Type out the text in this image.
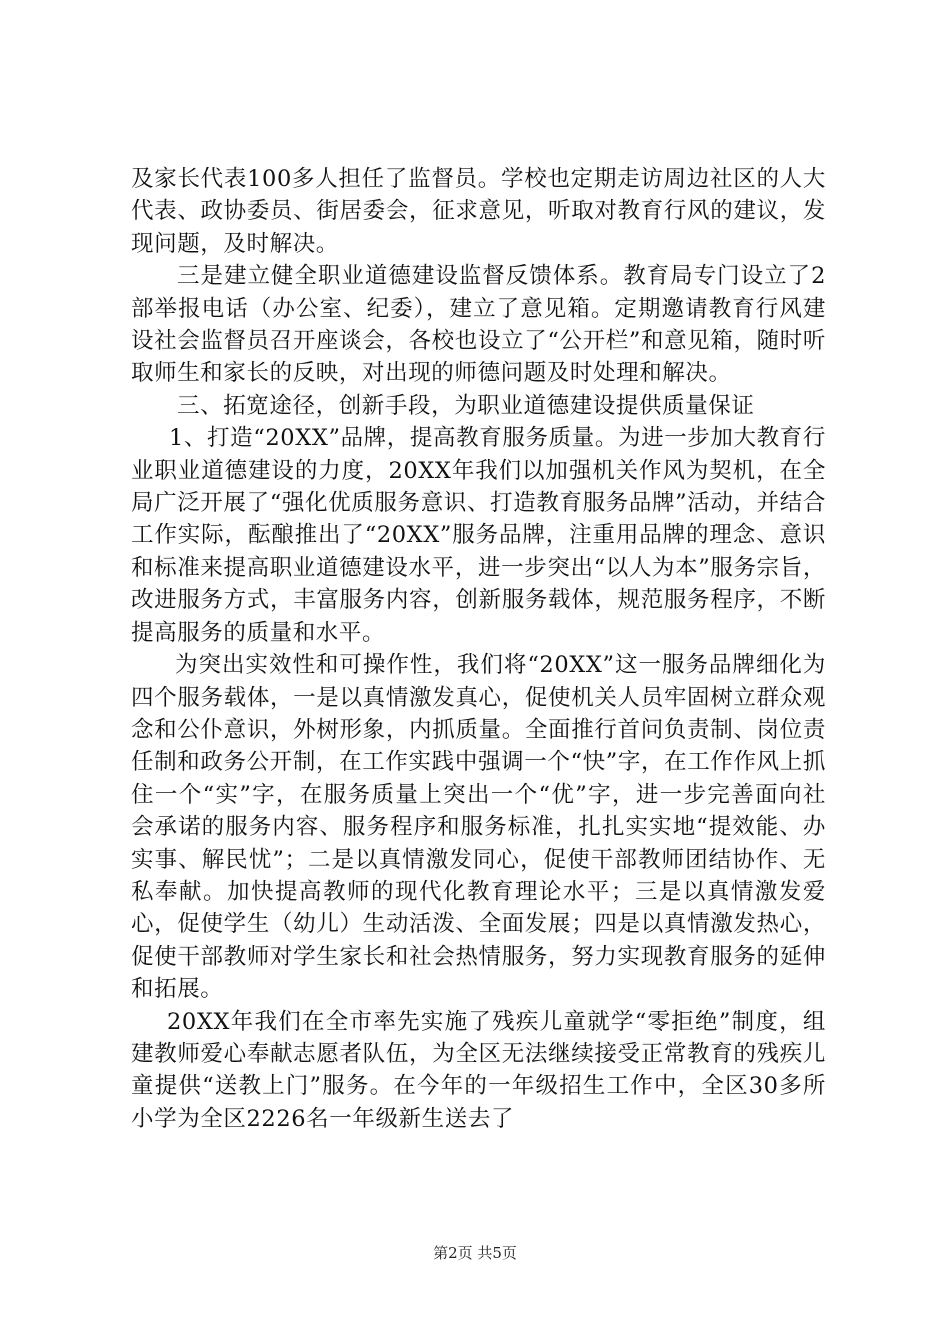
及家长代表100多人担任了监督员。学校也定期走访周边社区的人大代表、政协委员、街居委会，征求意见，听取对教育行风的建议，发现问题，及时解决。

三是建立健全职业道德建设监督反馈体系。教育局专门设立了2部举报电话（办公室、纪委），建立了意见箱。定期邀请教育行风建设社会监督员召开座谈会，各校也设立了“公开栏”和意见箱，随时听取师生和家长的反映，对出现的师德问题及时处理和解决。

三、拓宽途径，创新手段，为职业道德建设提供质量保证

1、打造“20XX”品牌，提高教育服务质量。为进一步加大教育行业职业道德建设的力度，20XX年我们以加强机关作风为契机，在全局广泛开展了“强化优质服务意识、打造教育服务品牌”活动，并结合工作实际，酝酿推出了“20XX”服务品牌，注重用品牌的理念、意识和标准来提高职业道德建设水平，进一步突出“以人为本”服务宗旨，改进服务方式，丰富服务内容，创新服务载体，规范服务程序，不断提高服务的质量和水平。

为突出实效性和可操作性，我们将“20XX”这一服务品牌细化为四个服务载体，一是以真情激发真心，促使机关人员牢固树立群众观念和公仆意识，外树形象，内抓质量。全面推行首问负责制、岗位责任制和政务公开制，在工作实践中强调一个“快”字，在工作作风上抓住一个“实”字，在服务质量上突出一个“优”字，进一步完善面向社会承诺的服务内容、服务程序和服务标准，扎扎实实地“提效能、办实事、解民忧”；二是以真情激发同心，促使干部教师团结协作、无私奉献。加快提高教师的现代化教育理论水平；三是以真情激发爱心，促使学生（幼儿）生动活泼、全面发展；四是以真情激发热心，促使干部教师对学生家长和社会热情服务，努力实现教育服务的延伸和拓展。

20XX年我们在全市率先实施了残疾儿童就学“零拒绝”制度，组建教师爱心奉献志愿者队伍，为全区无法继续接受正常教育的残疾儿童提供“送教上门”服务。在今年的一年级招生工作中，全区30多所小学为全区2226名一年级新生送去了

第2页 共5页
